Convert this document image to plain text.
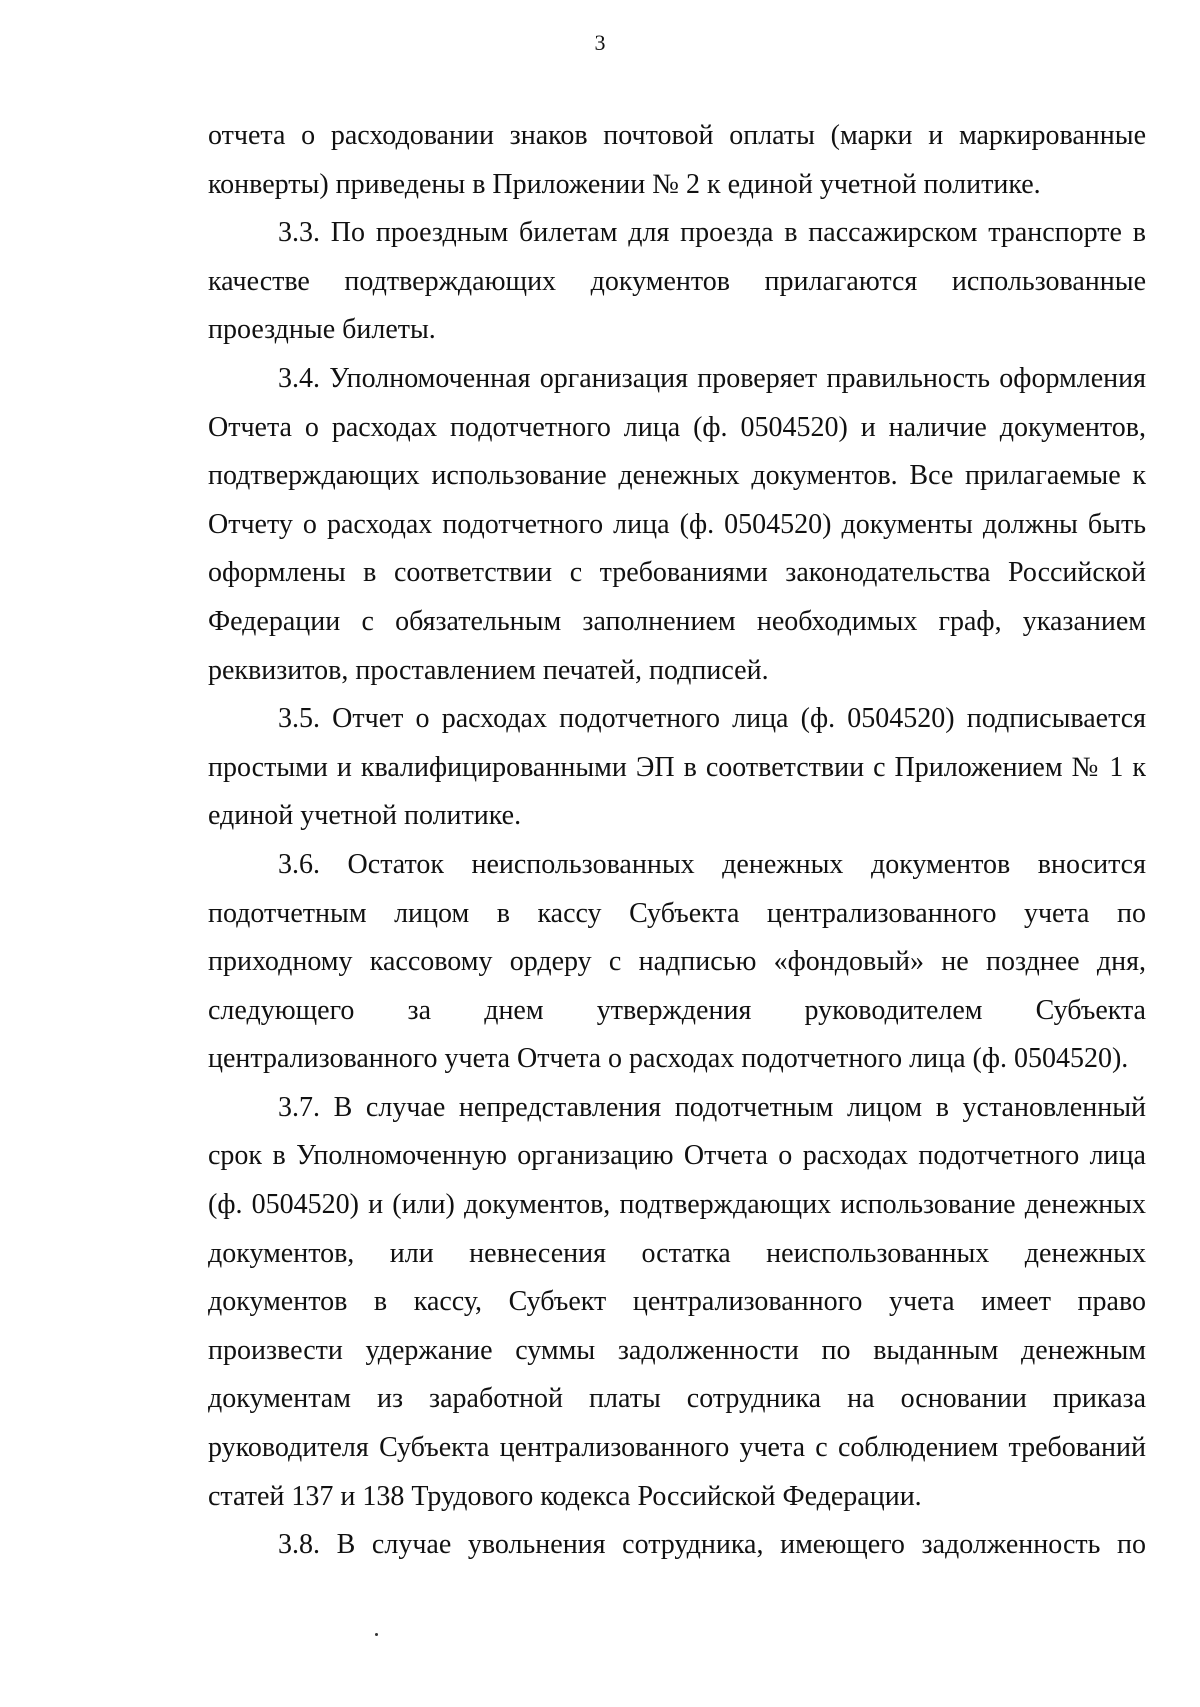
3

отчета о расходовании знаков почтовой оплаты (марки и маркированные конверты) приведены в Приложении № 2 к единой учетной политике.

3.3. По проездным билетам для проезда в пассажирском транспорте в качестве подтверждающих документов прилагаются использованные проездные билеты.

3.4. Уполномоченная организация проверяет правильность оформления Отчета о расходах подотчетного лица (ф. 0504520) и наличие документов, подтверждающих использование денежных документов. Все прилагаемые к Отчету о расходах подотчетного лица (ф. 0504520) документы должны быть оформлены в соответствии с требованиями законодательства Российской Федерации с обязательным заполнением необходимых граф, указанием реквизитов, проставлением печатей, подписей.

3.5. Отчет о расходах подотчетного лица (ф. 0504520) подписывается простыми и квалифицированными ЭП в соответствии с Приложением № 1 к единой учетной политике.

3.6. Остаток неиспользованных денежных документов вносится подотчетным лицом в кассу Субъекта централизованного учета по приходному кассовому ордеру с надписью «фондовый» не позднее дня, следующего за днем утверждения руководителем Субъекта централизованного учета Отчета о расходах подотчетного лица (ф. 0504520).

3.7. В случае непредставления подотчетным лицом в установленный срок в Уполномоченную организацию Отчета о расходах подотчетного лица (ф. 0504520) и (или) документов, подтверждающих использование денежных документов, или невнесения остатка неиспользованных денежных документов в кассу, Субъект централизованного учета имеет право произвести удержание суммы задолженности по выданным денежным документам из заработной платы сотрудника на основании приказа руководителя Субъекта централизованного учета с соблюдением требований статей 137 и 138 Трудового кодекса Российской Федерации.

3.8. В случае увольнения сотрудника, имеющего задолженность по
